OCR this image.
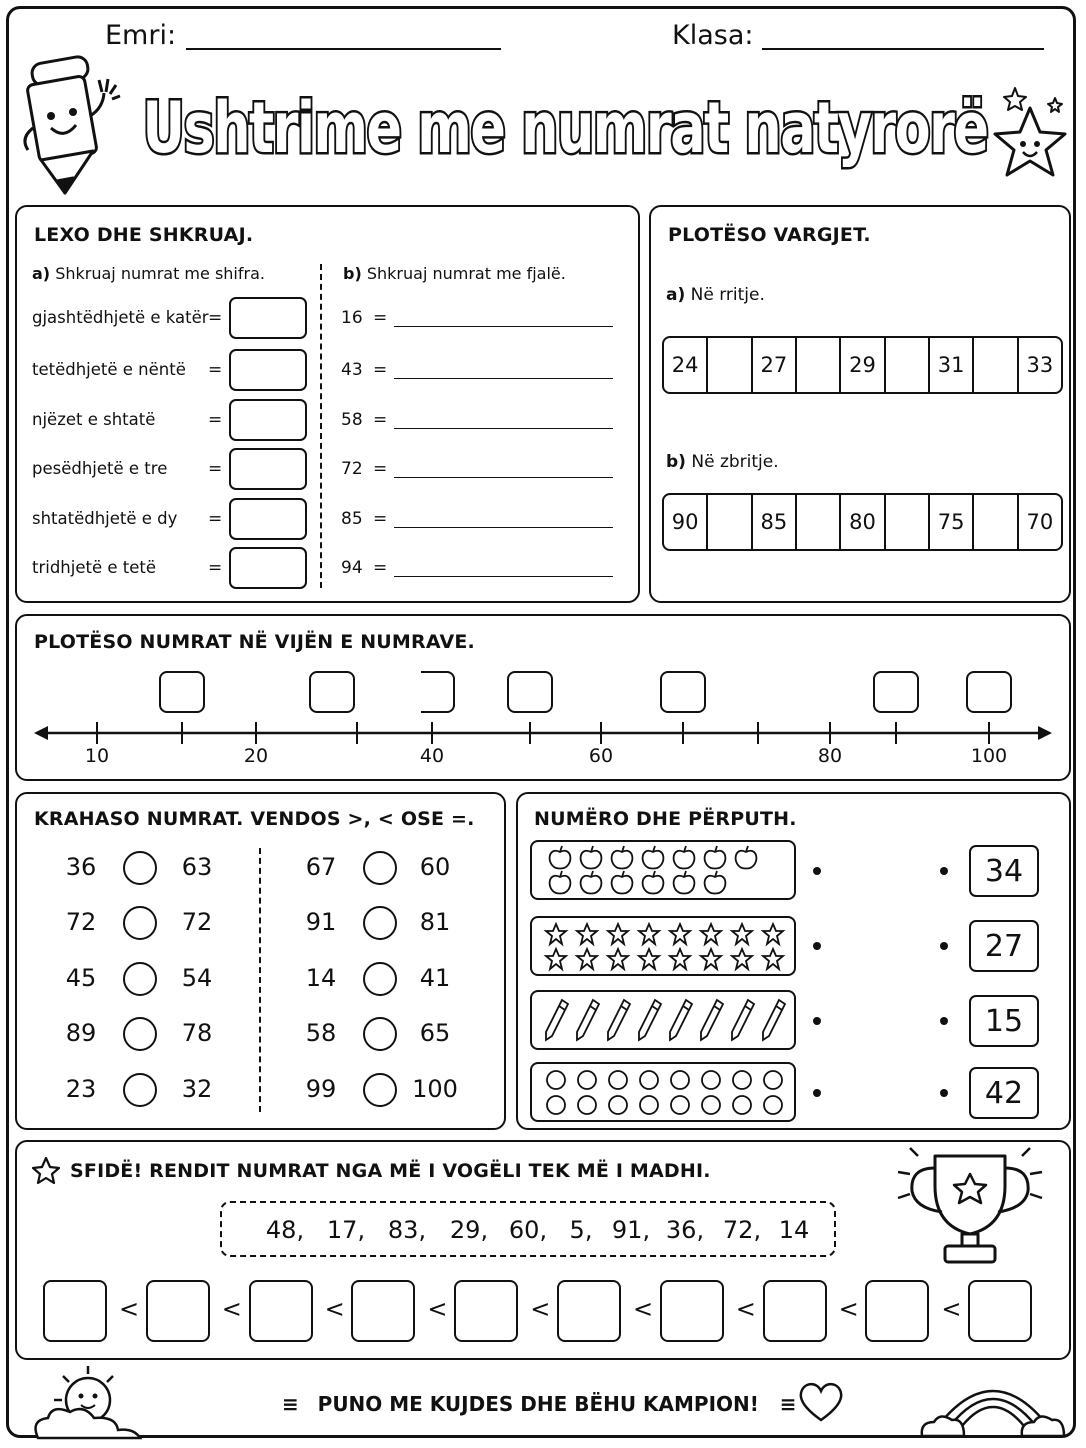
Emri:	Klasa:
Ushtrime me numrat natyrorë
LEXO DHE SHKRUAJ.
a) Shkruaj numrat me shifra.	b) Shkruaj numrat me fjalë.
gjashtëdhjetë e katër =
tetëdhjetë e nëntë =
njëzet e shtatë	=
pesëdhjetë e tre =
shtatëdhjetë e dy =
tridhjetë e tetë	=
16 =
43 =
58 =
72 =
85 =
94 =
PLOTËSO VARGJET.
a) Në rritje.
b) Në zbritje.
24	27	29	31	33
90	85	80	75	70
PLOTËSO NUMRAT NË VIJËN E NUMRAVE.
10	20	40	60	80	100
KRAHASO NUMRAT. VENDOS >, < OSE =.
36	63
72	72
45	54
89	78
23	32
67	60
91	81
14	41
58	65
99	100
NUMËRO DHE PËRPUTH.
34
27
15
42
SFIDË! RENDIT NUMRAT NGA MË I VOGËLI TEK MË I MADHI.
48, 17, 83, 29, 60, 5, 91, 36, 72, 14
<	<	<	<	<	<	<	<	<
≡ PUNO ME KUJDES DHE BËHU KAMPION! ≡
